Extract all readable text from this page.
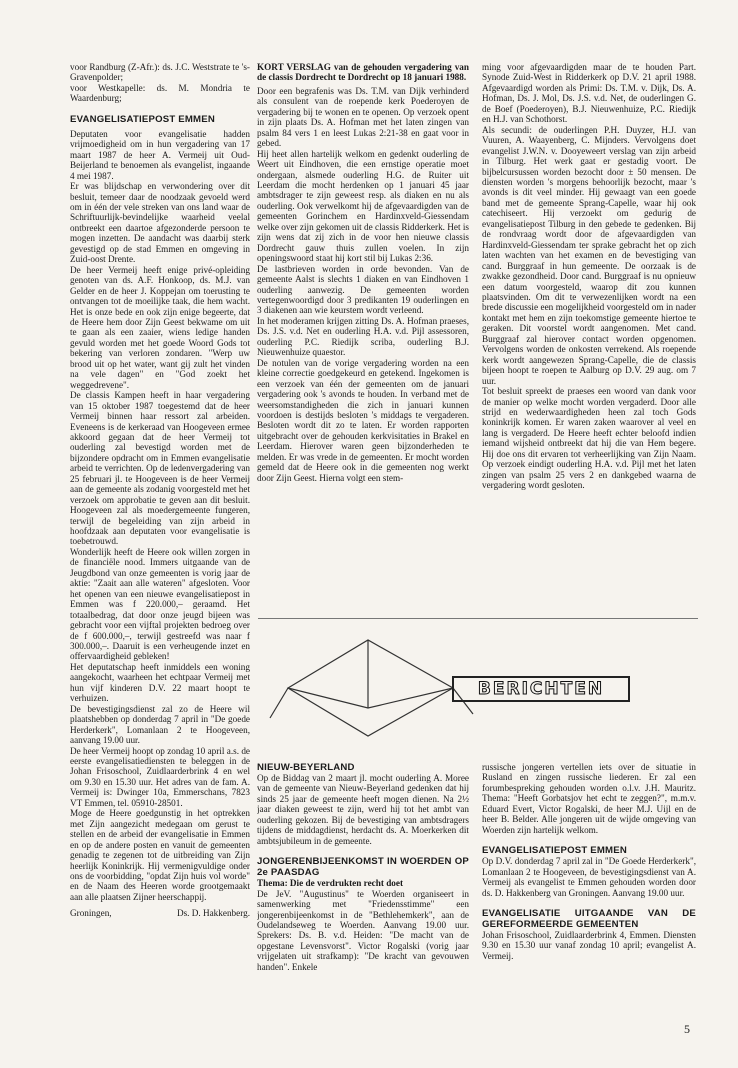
voor Randburg (Z-Afr.): ds. J.C. Weststrate te 's-Gravenpolder;

voor Westkapelle: ds. M. Mondria te Waardenburg;

EVANGELISATIEPOST EMMEN

Deputaten voor evangelisatie hadden vrijmoedigheid om in hun vergadering van 17 maart 1987 de heer A. Vermeij uit Oud-Beijerland te benoemen als evangelist, ingaande 4 mei 1987.

Er was blijdschap en verwondering over dit besluit, temeer daar de noodzaak gevoeld werd om in één der vele streken van ons land waar de Schriftuurlijk-bevindelijke waarheid veelal ontbreekt een daartoe afgezonderde persoon te mogen inzetten. De aandacht was daarbij sterk gevestigd op de stad Emmen en omgeving in Zuid-oost Drente.

De heer Vermeij heeft enige privé-opleiding genoten van ds. A.F. Honkoop, ds. M.J. van Gelder en de heer J. Koppejan om toerusting te ontvangen tot de moeilijke taak, die hem wacht. Het is onze bede en ook zijn enige begeerte, dat de Heere hem door Zijn Geest bekwame om uit te gaan als een zaaier, wiens ledige handen gevuld worden met het goede Woord Gods tot bekering van verloren zondaren. "Werp uw brood uit op het water, want gij zult het vinden na vele dagen" en "God zoekt het weggedrevene".

De classis Kampen heeft in haar vergadering van 15 oktober 1987 toegestemd dat de heer Vermeij binnen haar ressort zal arbeiden. Eveneens is de kerkeraad van Hoogeveen ermee akkoord gegaan dat de heer Vermeij tot ouderling zal bevestigd worden met de bijzondere opdracht om in Emmen evangelisatie arbeid te verrichten. Op de ledenvergadering van 25 februari jl. te Hoogeveen is de heer Vermeij aan de gemeente als zodanig voorgesteld met het verzoek om approbatie te geven aan dit besluit. Hoogeveen zal als moedergemeente fungeren, terwijl de begeleiding van zijn arbeid in hoofdzaak aan deputaten voor evangelisatie is toebetrouwd.

Wonderlijk heeft de Heere ook willen zorgen in de financiële nood. Immers uitgaande van de Jeugdbond van onze gemeenten is vorig jaar de aktie: "Zaait aan alle wateren" afgesloten. Voor het openen van een nieuwe evangelisatiepost in Emmen was f 220.000,– geraamd. Het totaalbedrag, dat door onze jeugd bijeen was gebracht voor een vijftal projekten bedroeg over de f 600.000,–, terwijl gestreefd was naar f 300.000,–. Daaruit is een verheugende inzet en offervaardigheid gebleken!

Het deputatschap heeft inmiddels een woning aangekocht, waarheen het echtpaar Vermeij met hun vijf kinderen D.V. 22 maart hoopt te verhuizen.

De bevestigingsdienst zal zo de Heere wil plaatshebben op donderdag 7 april in "De goede Herderkerk", Lomanlaan 2 te Hoogeveen, aanvang 19.00 uur.

De heer Vermeij hoopt op zondag 10 april a.s. de eerste evangelisatiediensten te beleggen in de Johan Frisoschool, Zuidlaarderbrink 4 en wel om 9.30 en 15.30 uur. Het adres van de fam. A. Vermeij is: Dwinger 10a, Emmerschans, 7823 VT Emmen, tel. 05910-28501.

Moge de Heere goedgunstig in het optrekken met Zijn aangezicht medegaan om gerust te stellen en de arbeid der evangelisatie in Emmen en op de andere posten en vanuit de gemeenten genadig te zegenen tot de uitbreiding van Zijn heerlijk Koninkrijk. Hij vermenigvuldige onder ons de voorbidding, "opdat Zijn huis vol worde" en de Naam des Heeren worde grootgemaakt aan alle plaatsen Zijner heerschappij.

Groningen,	Ds. D. Hakkenberg.

KORT VERSLAG van de gehouden vergadering van de classis Dordrecht te Dordrecht op 18 januari 1988.

Door een begrafenis was Ds. T.M. van Dijk verhinderd als consulent van de roepende kerk Poederoyen de vergadering bij te wonen en te openen. Op verzoek opent in zijn plaats Ds. A. Hofman met het laten zingen van psalm 84 vers 1 en leest Lukas 2:21-38 en gaat voor in gebed.

Hij heet allen hartelijk welkom en gedenkt ouderling de Weert uit Eindhoven, die een ernstige operatie moet ondergaan, alsmede ouderling H.G. de Ruiter uit Leerdam die mocht herdenken op 1 januari 45 jaar ambtsdrager te zijn geweest resp. als diaken en nu als ouderling. Ook verwelkomt hij de afgevaardigden van de gemeenten Gorinchem en Hardinxveld-Giessendam welke over zijn gekomen uit de classis Ridderkerk. Het is zijn wens dat zij zich in de voor hen nieuwe classis Dordrecht gauw thuis zullen voelen. In zijn openingswoord staat hij kort stil bij Lukas 2:36.

De lastbrieven worden in orde bevonden. Van de gemeente Aalst is slechts 1 diaken en van Eindhoven 1 ouderling aanwezig. De gemeenten worden vertegenwoordigd door 3 predikanten 19 ouderlingen en 3 diakenen aan wie keurstem wordt verleend.

In het moderamen krijgen zitting Ds. A. Hofman praeses, Ds. J.S. v.d. Net en ouderling H.A. v.d. Pijl assessoren, ouderling P.C. Riedijk scriba, ouderling B.J. Nieuwenhuize quaestor.

De notulen van de vorige vergadering worden na een kleine correctie goedgekeurd en getekend. Ingekomen is een verzoek van één der gemeenten om de januari vergadering ook 's avonds te houden. In verband met de weersomstandigheden die zich in januari kunnen voordoen is destijds besloten 's middags te vergaderen. Besloten wordt dit zo te laten. Er worden rapporten uitgebracht over de gehouden kerkvisitaties in Brakel en Leerdam. Hierover waren geen bijzonderheden te melden. Er was vrede in de gemeenten. Er mocht worden gemeld dat de Heere ook in die gemeenten nog werkt door Zijn Geest. Hierna volgt een stem-

ming voor afgevaardigden maar de te houden Part. Synode Zuid-West in Ridderkerk op D.V. 21 april 1988. Afgevaardigd worden als Primi: Ds. T.M. v. Dijk, Ds. A. Hofman, Ds. J. Mol, Ds. J.S. v.d. Net, de ouderlingen G. de Boef (Poederoyen), B.J. Nieuwenhuize, P.C. Riedijk en H.J. van Schothorst.

Als secundi: de ouderlingen P.H. Duyzer, H.J. van Vuuren, A. Waayenberg, C. Mijnders. Vervolgens doet evangelist J.W.N. v. Dooyeweert verslag van zijn arbeid in Tilburg. Het werk gaat er gestadig voort. De bijbelcursussen worden bezocht door ± 50 mensen. De diensten worden 's morgens behoorlijk bezocht, maar 's avonds is dit veel minder. Hij gewaagt van een goede band met de gemeente Sprang-Capelle, waar hij ook catechiseert. Hij verzoekt om gedurig de evangelisatiepost Tilburg in den gebede te gedenken. Bij de rondvraag wordt door de afgevaardigden van Hardinxveld-Giessendam ter sprake gebracht het op zich laten wachten van het examen en de bevestiging van cand. Burggraaf in hun gemeente. De oorzaak is de zwakke gezondheid. Door cand. Burggraaf is nu opnieuw een datum voorgesteld, waarop dit zou kunnen plaatsvinden. Om dit te verwezenlijken wordt na een brede discussie een mogelijkheid voorgesteld om in nader kontakt met hem en zijn toekomstige gemeente hiertoe te geraken. Dit voorstel wordt aangenomen. Met cand. Burggraaf zal hierover contact worden opgenomen. Vervolgens worden de onkosten verrekend. Als roepende kerk wordt aangewezen Sprang-Capelle, die de classis bijeen hoopt te roepen te Aalburg op D.V. 29 aug. om 7 uur.

Tot besluit spreekt de praeses een woord van dank voor de manier op welke mocht worden vergaderd. Door alle strijd en wederwaardigheden heen zal toch Gods koninkrijk komen. Er waren zaken waarover al veel en lang is vergaderd. De Heere heeft echter beloofd indien iemand wijsheid ontbreekt dat hij die van Hem begere. Hij doe ons dit ervaren tot verheerlijking van Zijn Naam. Op verzoek eindigt ouderling H.A. v.d. Pijl met het laten zingen van psalm 25 vers 2 en dankgebed waarna de vergadering wordt gesloten.

BERICHTEN

NIEUW-BEYERLAND

Op de Biddag van 2 maart jl. mocht ouderling A. Moree van de gemeente van Nieuw-Beyerland gedenken dat hij sinds 25 jaar de gemeente heeft mogen dienen. Na 2½ jaar diaken geweest te zijn, werd hij tot het ambt van ouderling gekozen. Bij de bevestiging van ambtsdragers tijdens de middagdienst, herdacht ds. A. Moerkerken dit ambtsjubileum in de gemeente.

JONGERENBIJEENKOMST IN WOERDEN OP 2e PAASDAG

Thema: Die de verdrukten recht doet

De JeV. "Augustinus" te Woerden organiseert in samenwerking met "Friedensstimme" een jongerenbijeenkomst in de "Bethlehemkerk", aan de Oudelandseweg te Woerden. Aanvang 19.00 uur. Sprekers: Ds. B. v.d. Heiden: "De macht van de opgestane Levensvorst". Victor Rogalski (vorig jaar vrijgelaten uit strafkamp): "De kracht van gevouwen handen". Enkele

russische jongeren vertellen iets over de situatie in Rusland en zingen russische liederen. Er zal een forumbespreking gehouden worden o.l.v. J.H. Mauritz. Thema: "Heeft Gorbatsjov het echt te zeggen?", m.m.v. Eduard Evert, Victor Rogalski, de heer M.J. Uijl en de heer B. Belder. Alle jongeren uit de wijde omgeving van Woerden zijn hartelijk welkom.

EVANGELISATIEPOST EMMEN

Op D.V. donderdag 7 april zal in "De Goede Herderkerk", Lomanlaan 2 te Hoogeveen, de bevestigingsdienst van A. Vermeij als evangelist te Emmen gehouden worden door ds. D. Hakkenberg van Groningen. Aanvang 19.00 uur.

EVANGELISATIE UITGAANDE VAN DE GEREFORMEERDE GEMEENTEN

Johan Frisoschool, Zuidlaarderbrink 4, Emmen. Diensten 9.30 en 15.30 uur vanaf zondag 10 april; evangelist A. Vermeij.

5
